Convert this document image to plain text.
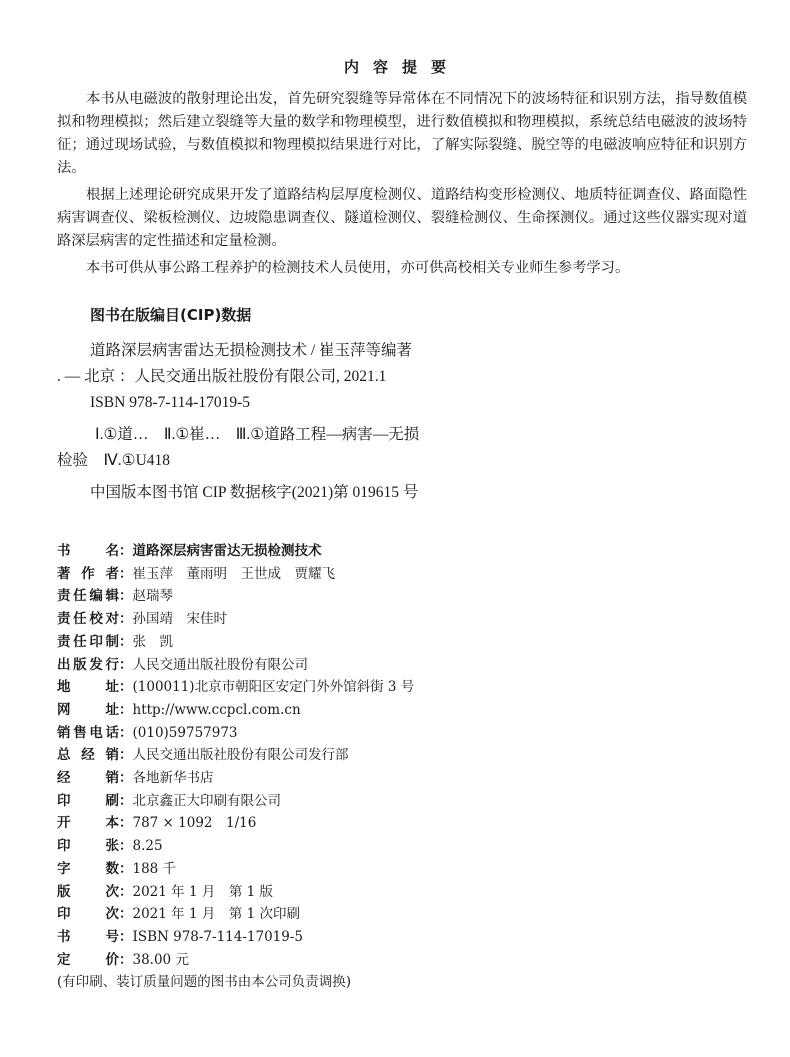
内容提要

本书从电磁波的散射理论出发，首先研究裂缝等异常体在不同情况下的波场特征和识别方法，指导数值模拟和物理模拟；然后建立裂缝等大量的数学和物理模型，进行数值模拟和物理模拟，系统总结电磁波的波场特征；通过现场试验，与数值模拟和物理模拟结果进行对比，了解实际裂缝、脱空等的电磁波响应特征和识别方法。

根据上述理论研究成果开发了道路结构层厚度检测仪、道路结构变形检测仪、地质特征调查仪、路面隐性病害调查仪、梁板检测仪、边坡隐患调查仪、隧道检测仪、裂缝检测仪、生命探测仪。通过这些仪器实现对道路深层病害的定性描述和定量检测。

本书可供从事公路工程养护的检测技术人员使用，亦可供高校相关专业师生参考学习。

图书在版编目(CIP)数据
道路深层病害雷达无损检测技术 / 崔玉萍等编著
. — 北京 ：人民交通出版社股份有限公司, 2021.1
ISBN 978-7-114-17019-5
Ⅰ.①道…　Ⅱ.①崔…　Ⅲ.①道路工程—病害—无损
检验　Ⅳ.①U418
中国版本图书馆 CIP 数据核字(2021)第 019615 号
书名 ： 道路深层病害雷达无损检测技术
著作者 ： 崔玉萍　董雨明　王世成　贾耀飞
责任编辑 ： 赵瑞琴
责任校对 ： 孙国靖　宋佳时
责任印制 ： 张　凯
出版发行 ： 人民交通出版社股份有限公司
地址 ： (100011)北京市朝阳区安定门外外馆斜街 3 号
网址 ： http://www.ccpcl.com.cn
销售电话 ： (010)59757973
总经销 ： 人民交通出版社股份有限公司发行部
经销 ： 各地新华书店
印刷 ： 北京鑫正大印刷有限公司
开本 ： 787 × 1092　1/16
印张 ： 8.25
字数 ： 188 千
版次 ： 2021 年 1 月　第 1 版
印次 ： 2021 年 1 月　第 1 次印刷
书号 ： ISBN 978-7-114-17019-5
定价 ： 38.00 元
(有印刷、装订质量问题的图书由本公司负责调换)
